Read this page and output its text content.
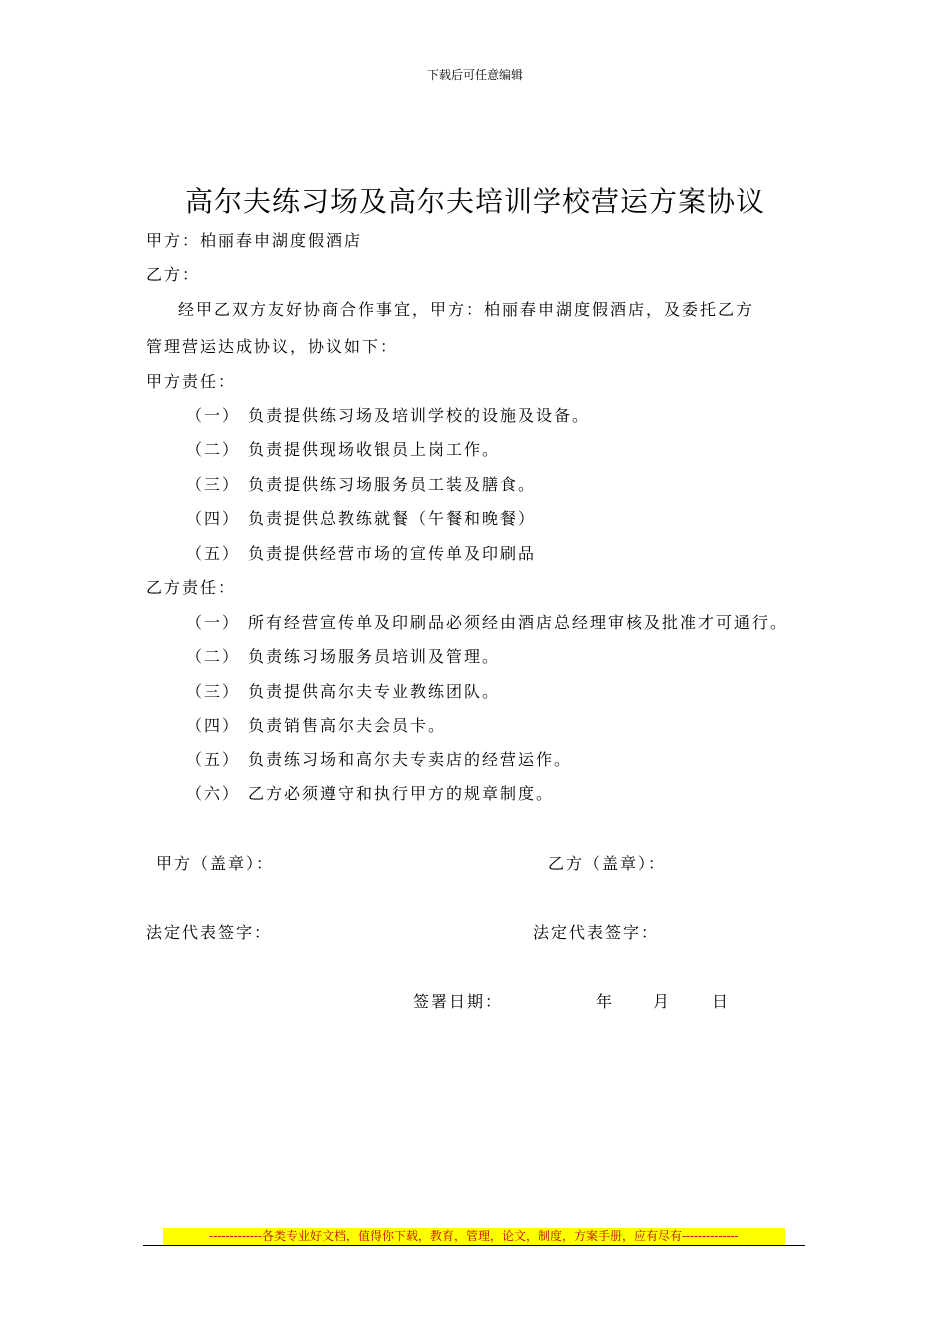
下载后可任意编辑
高尔夫练习场及高尔夫培训学校营运方案协议
甲方：柏丽春申湖度假酒店
乙方：
经甲乙双方友好协商合作事宜，甲方：柏丽春申湖度假酒店，及委托乙方
管理营运达成协议，协议如下：
甲方责任：
（一） 负责提供练习场及培训学校的设施及设备。
（二） 负责提供现场收银员上岗工作。
（三） 负责提供练习场服务员工装及膳食。
（四） 负责提供总教练就餐（午餐和晚餐）
（五） 负责提供经营市场的宣传单及印刷品
乙方责任：
（一） 所有经营宣传单及印刷品必须经由酒店总经理审核及批准才可通行。
（二） 负责练习场服务员培训及管理。
（三） 负责提供高尔夫专业教练团队。
（四） 负责销售高尔夫会员卡。
（五） 负责练习场和高尔夫专卖店的经营运作。
（六） 乙方必须遵守和执行甲方的规章制度。
甲方（盖章）：	乙方（盖章）：
法定代表签字：	法定代表签字：
签署日期：	年 月	日
-------------各类专业好文档，值得你下载，教育，管理，论文，制度，方案手册，应有尽有--------------
